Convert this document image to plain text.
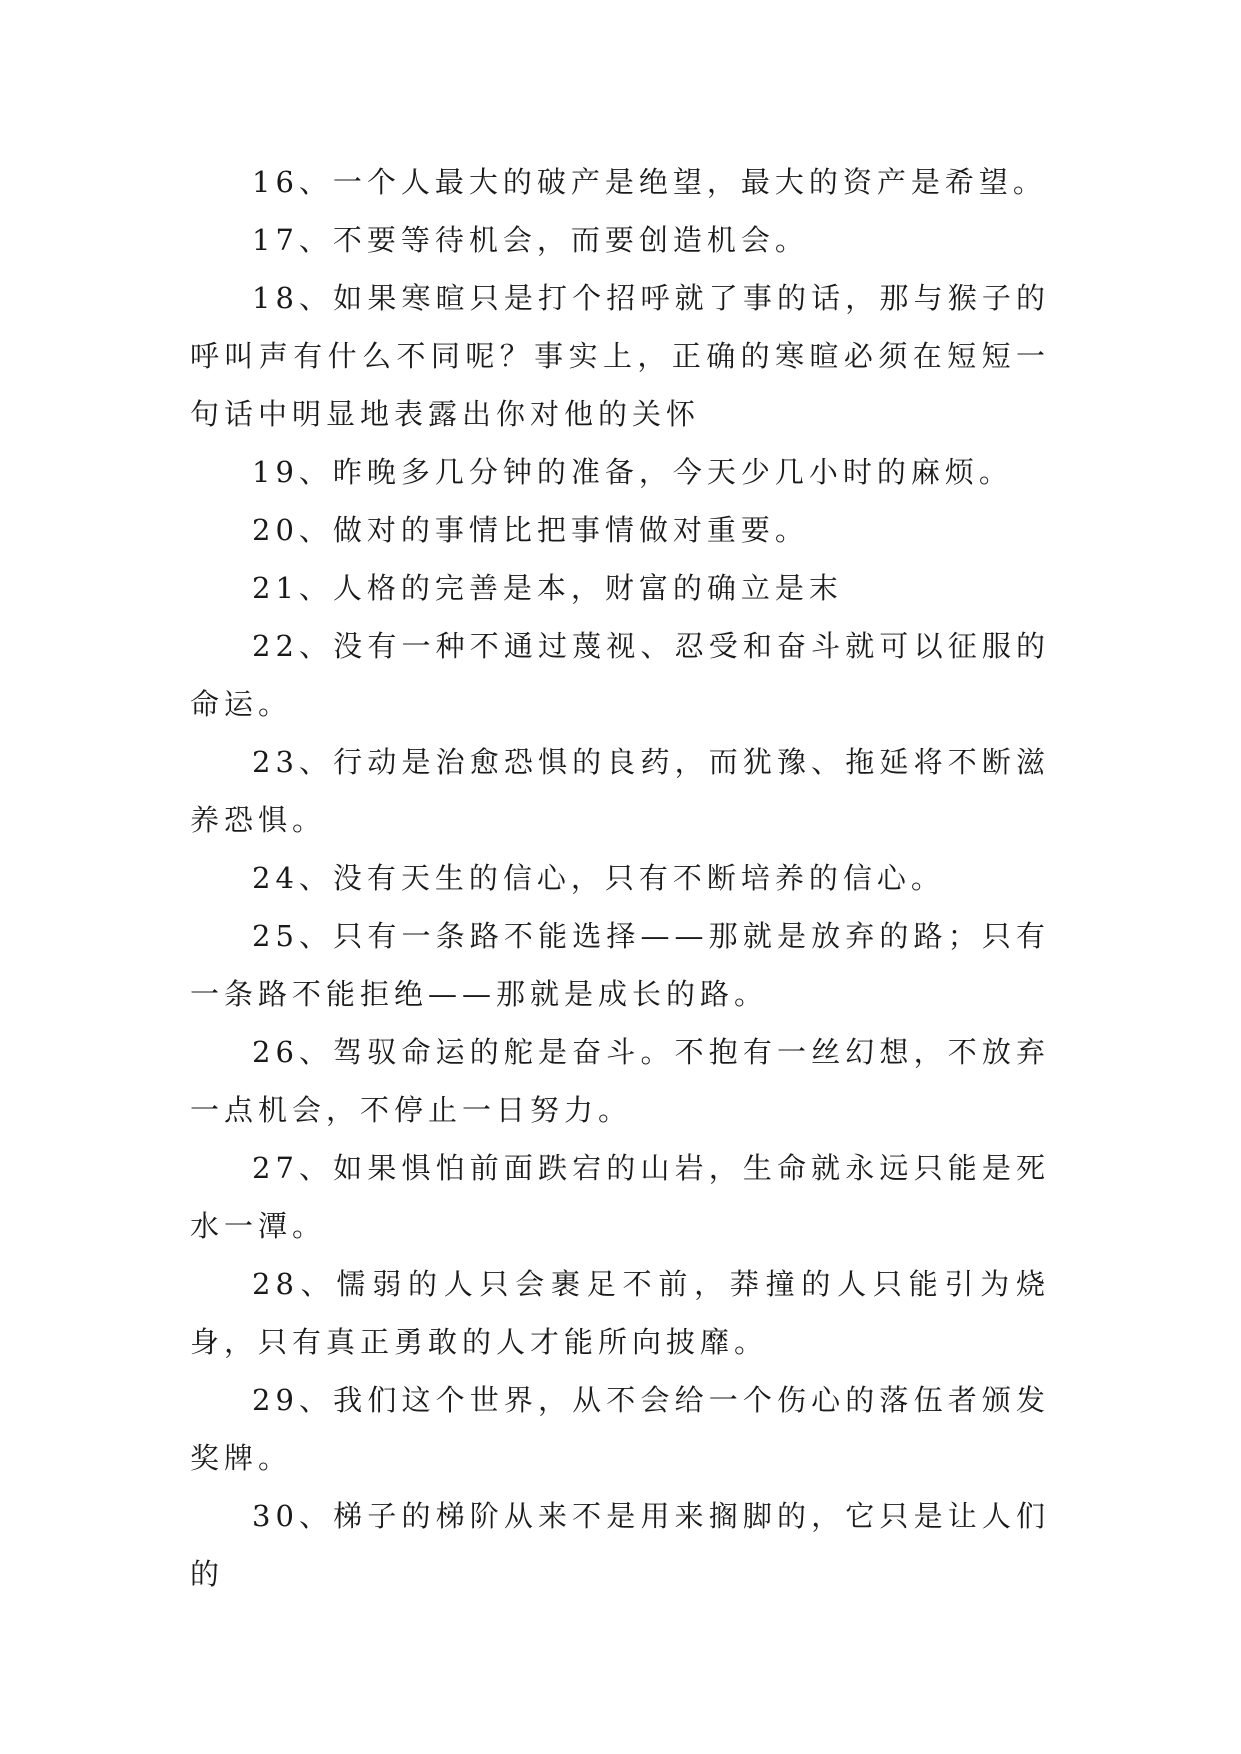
16、一个人最大的破产是绝望，最大的资产是希望。

17、不要等待机会，而要创造机会。

18、如果寒暄只是打个招呼就了事的话，那与猴子的呼叫声有什么不同呢？事实上，正确的寒暄必须在短短一句话中明显地表露出你对他的关怀

19、昨晚多几分钟的准备，今天少几小时的麻烦。

20、做对的事情比把事情做对重要。

21、人格的完善是本，财富的确立是末

22、没有一种不通过蔑视、忍受和奋斗就可以征服的命运。

23、行动是治愈恐惧的良药，而犹豫、拖延将不断滋养恐惧。

24、没有天生的信心，只有不断培养的信心。

25、只有一条路不能选择——那就是放弃的路；只有一条路不能拒绝——那就是成长的路。

26、驾驭命运的舵是奋斗。不抱有一丝幻想，不放弃一点机会，不停止一日努力。

27、如果惧怕前面跌宕的山岩，生命就永远只能是死水一潭。

28、懦弱的人只会裹足不前，莽撞的人只能引为烧身，只有真正勇敢的人才能所向披靡。

29、我们这个世界，从不会给一个伤心的落伍者颁发奖牌。

30、梯子的梯阶从来不是用来搁脚的，它只是让人们的
